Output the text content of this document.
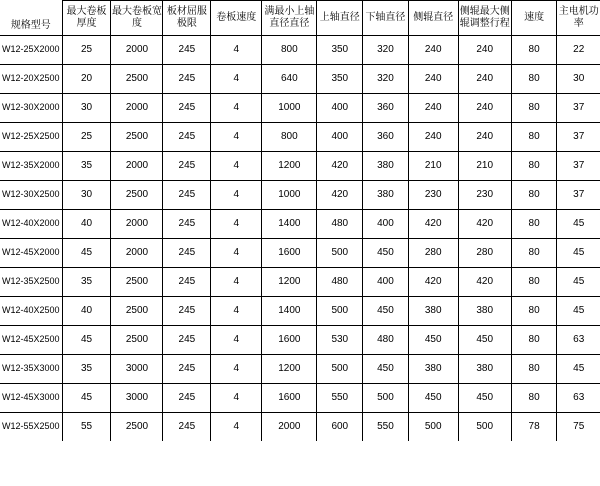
规格型号	最大卷板厚度	最大卷板宽度	板材屈服极限	卷板速度	满最小上轴直径直径	上轴直径	下轴直径	侧辊直径	侧辊最大侧辊调整行程	速度	主电机功率
W12-25X2000	25	2000	245	4	800	350	320	240	240	80	22
W12-20X2500	20	2500	245	4	640	350	320	240	240	80	30
W12-30X2000	30	2000	245	4	1000	400	360	240	240	80	37
W12-25X2500	25	2500	245	4	800	400	360	240	240	80	37
W12-35X2000	35	2000	245	4	1200	420	380	210	210	80	37
W12-30X2500	30	2500	245	4	1000	420	380	230	230	80	37
W12-40X2000	40	2000	245	4	1400	480	400	420	420	80	45
W12-45X2000	45	2000	245	4	1600	500	450	280	280	80	45
W12-35X2500	35	2500	245	4	1200	480	400	420	420	80	45
W12-40X2500	40	2500	245	4	1400	500	450	380	380	80	45
W12-45X2500	45	2500	245	4	1600	530	480	450	450	80	63
W12-35X3000	35	3000	245	4	1200	500	450	380	380	80	45
W12-45X3000	45	3000	245	4	1600	550	500	450	450	80	63
W12-55X2500	55	2500	245	4	2000	600	550	500	500	78	75
